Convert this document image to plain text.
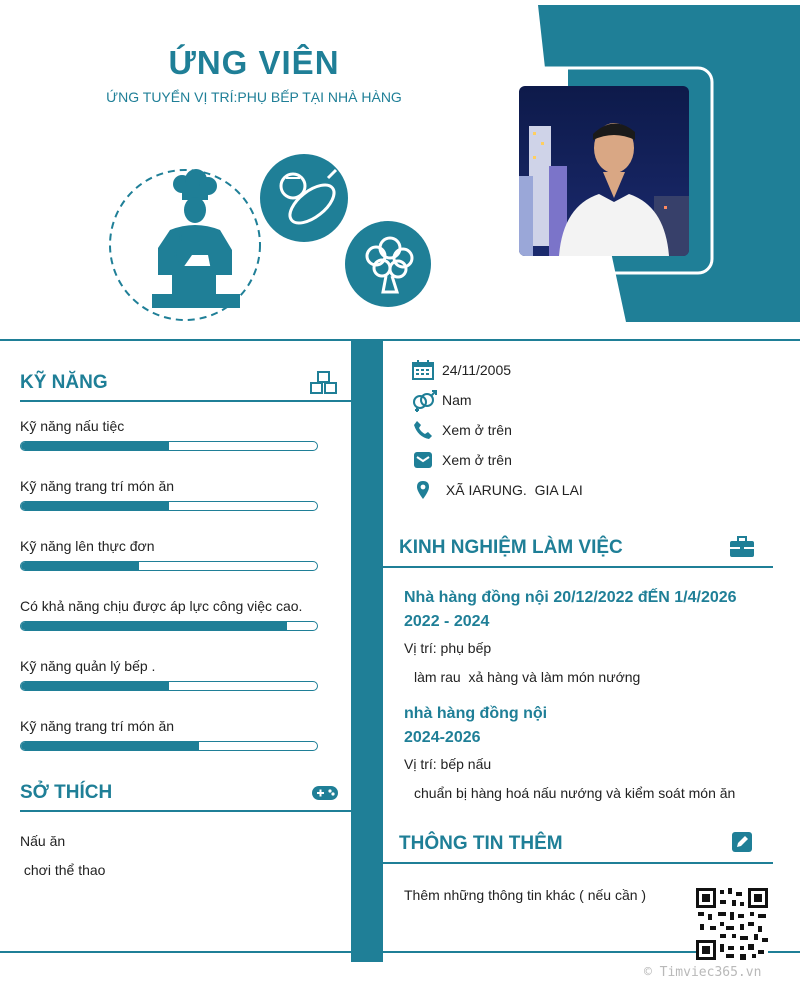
ỨNG VIÊN
ỨNG TUYỂN VỊ TRÍ:PHỤ BẾP TẠI NHÀ HÀNG
KỸ NĂNG
Kỹ năng nấu tiệc
Kỹ năng trang trí món ăn
Kỹ năng lên thực đơn
Có khả năng chịu được áp lực công việc cao.
Kỹ năng quản lý bếp .
Kỹ năng trang trí món ăn
SỞ THÍCH
Nấu ăn
chơi thể thao
24/11/2005
Nam
Xem ở trên
Xem ở trên
XÃ IARUNG.  GIA LAI
KINH NGHIỆM LÀM VIỆC
Nhà hàng đồng nội 20/12/2022 đẾN 1/4/2026
2022 - 2024
Vị trí: phụ bếp
làm rau  xả hàng và làm món nướng
nhà hàng đồng nội
2024-2026
Vị trí: bếp nấu
chuẩn bị hàng hoá nấu nướng và kiểm soát món ăn
THÔNG TIN THÊM
Thêm những thông tin khác ( nếu cần )
© Timviec365.vn
